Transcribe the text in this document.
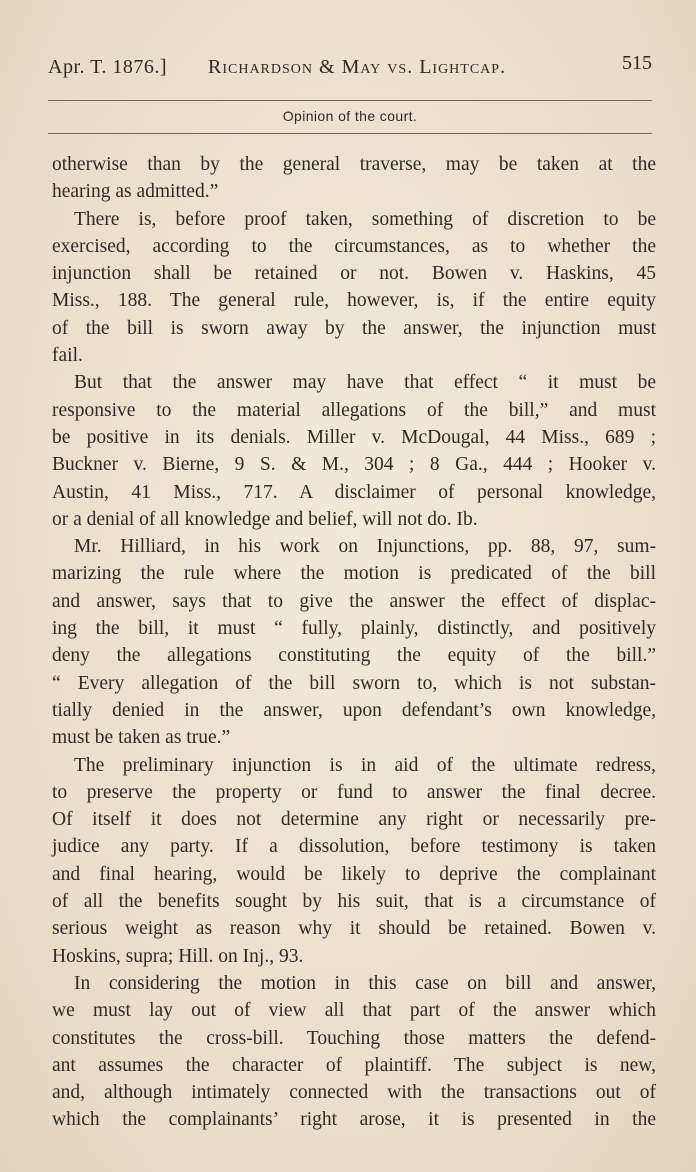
Apr. T. 1876.] Richardson & May vs. Lightcap.	515
Opinion of the court.
otherwise than by the general traverse, may be taken at the
hearing as admitted.”
There is, before proof taken, something of discretion to be
exercised, according to the circumstances, as to whether the
injunction shall be retained or not. Bowen v. Haskins, 45
Miss., 188. The general rule, however, is, if the entire equity
of the bill is sworn away by the answer, the injunction must
fail.
But that the answer may have that effect “ it must be
responsive to the material allegations of the bill,” and must
be positive in its denials. Miller v. McDougal, 44 Miss., 689 ;
Buckner v. Bierne, 9 S. & M., 304 ; 8 Ga., 444 ; Hooker v.
Austin, 41 Miss., 717. A disclaimer of personal knowledge,
or a denial of all knowledge and belief, will not do. Ib.
Mr. Hilliard, in his work on Injunctions, pp. 88, 97, sum-
marizing the rule where the motion is predicated of the bill
and answer, says that to give the answer the effect of displac-
ing the bill, it must “ fully, plainly, distinctly, and positively
deny the allegations constituting the equity of the bill.”
“ Every allegation of the bill sworn to, which is not substan-
tially denied in the answer, upon defendant’s own knowledge,
must be taken as true.”
The preliminary injunction is in aid of the ultimate redress,
to preserve the property or fund to answer the final decree.
Of itself it does not determine any right or necessarily pre-
judice any party. If a dissolution, before testimony is taken
and final hearing, would be likely to deprive the complainant
of all the benefits sought by his suit, that is a circumstance of
serious weight as reason why it should be retained. Bowen v.
Hoskins, supra; Hill. on Inj., 93.
In considering the motion in this case on bill and answer,
we must lay out of view all that part of the answer which
constitutes the cross-bill. Touching those matters the defend-
ant assumes the character of plaintiff. The subject is new,
and, although intimately connected with the transactions out of
which the complainants’ right arose, it is presented in the
